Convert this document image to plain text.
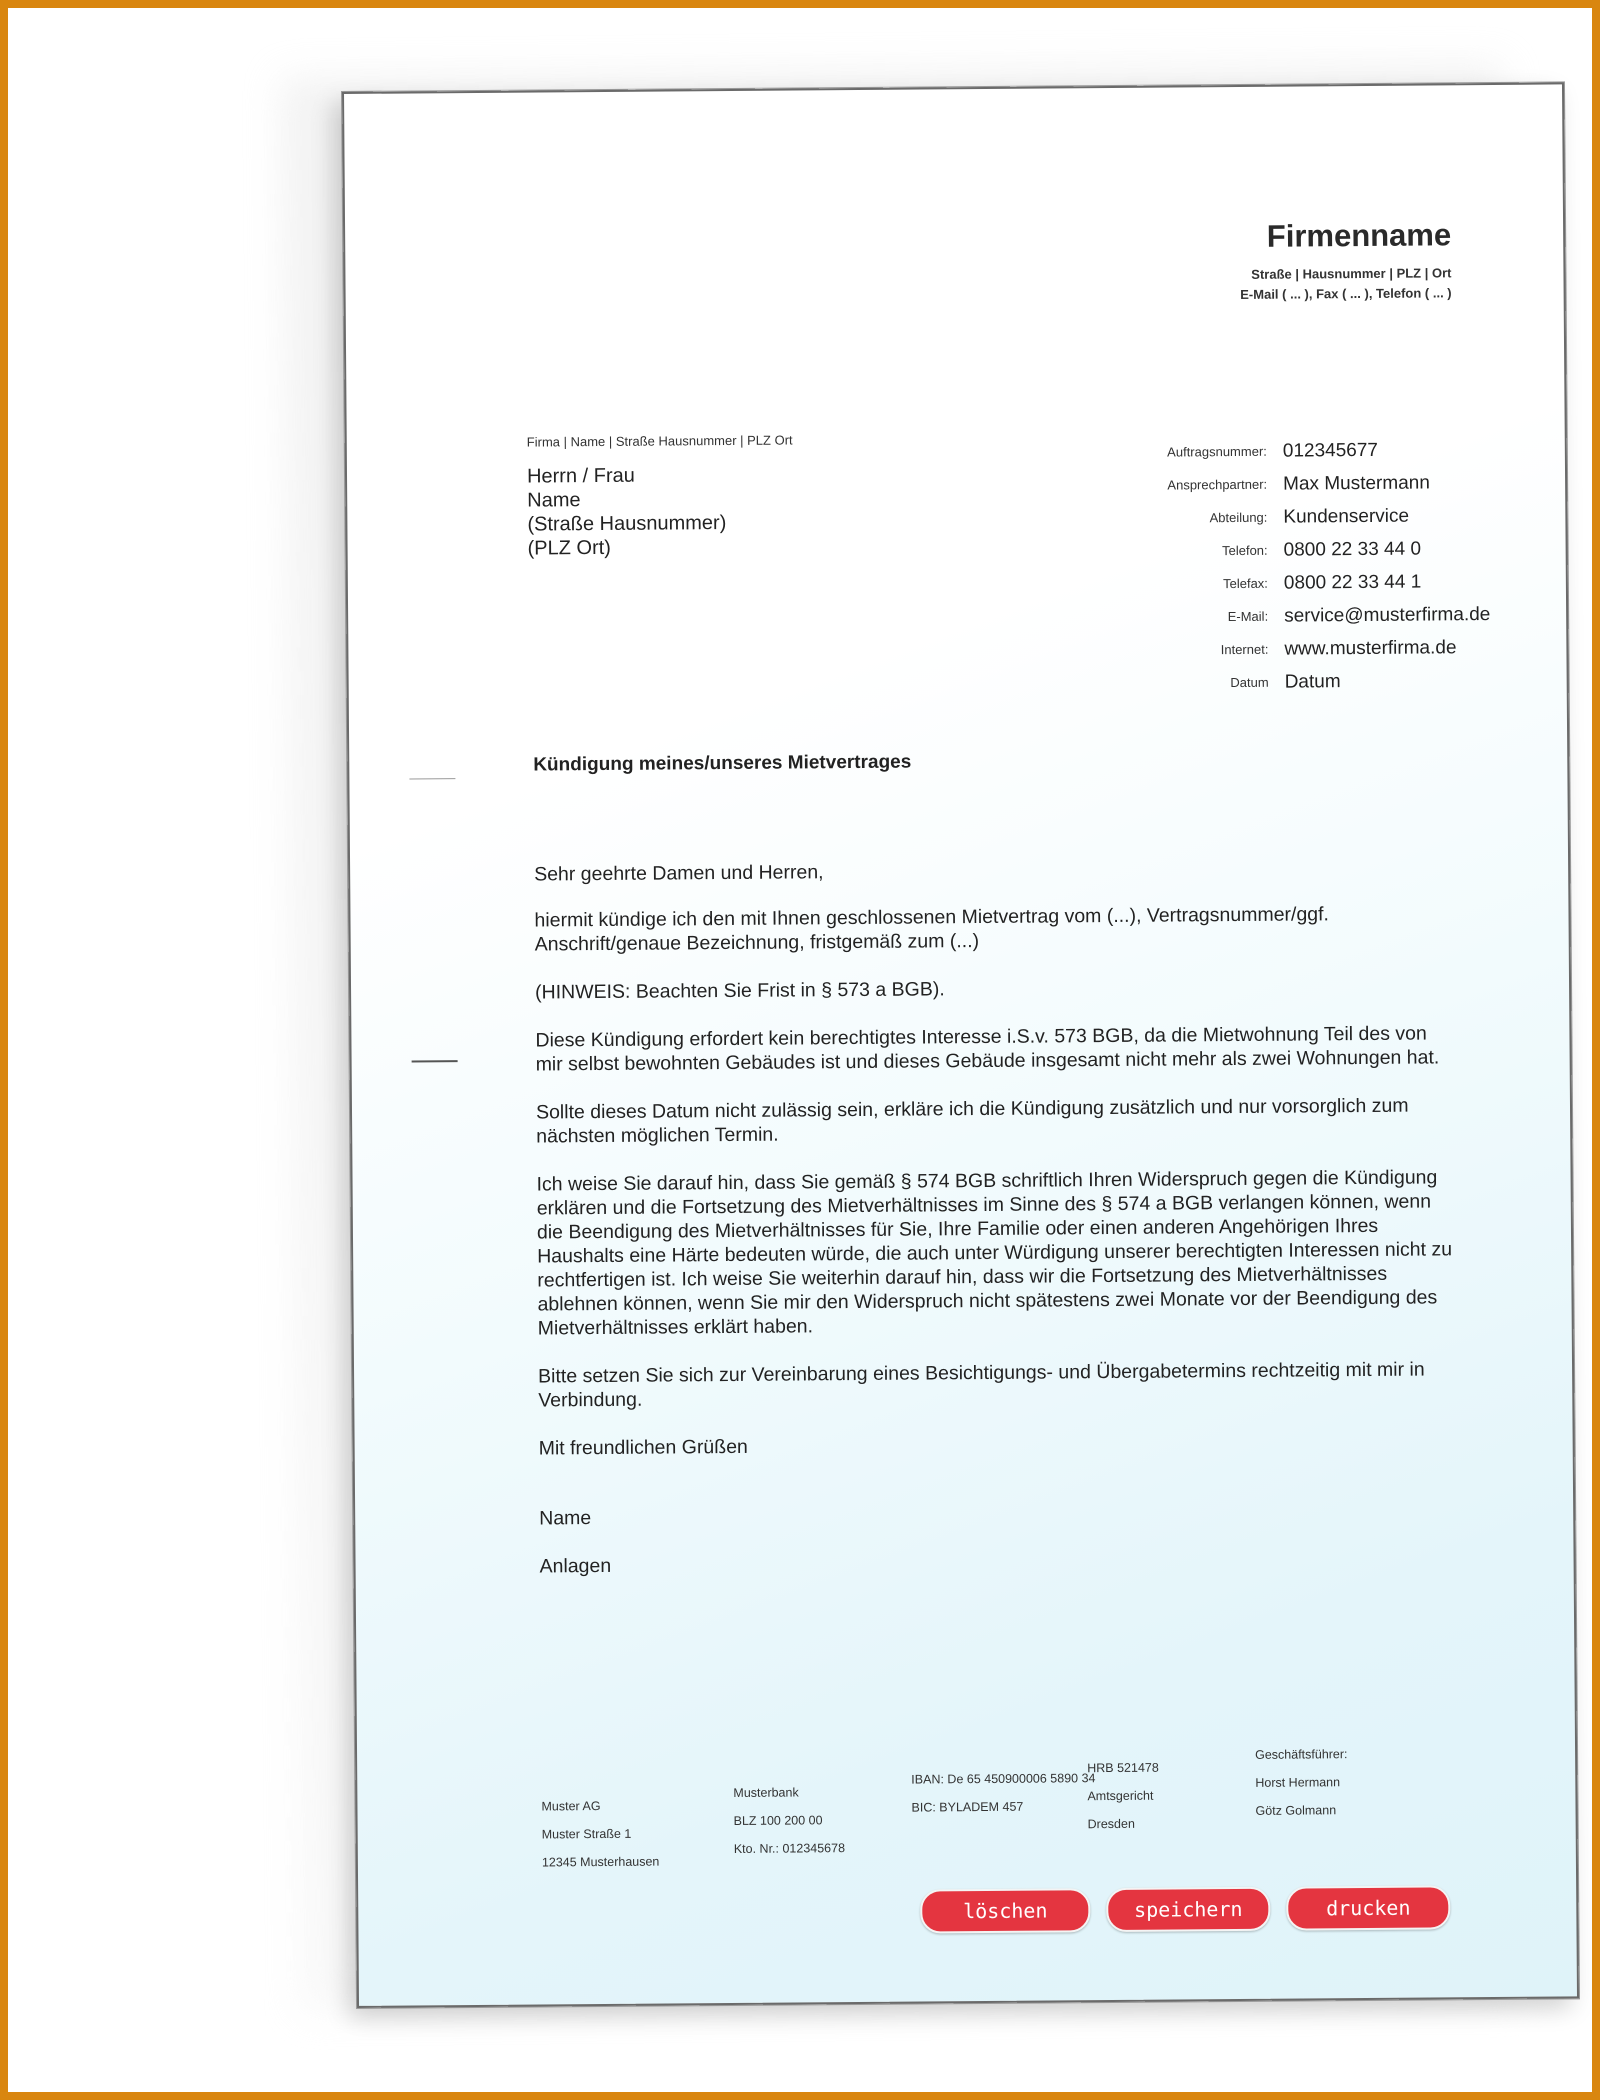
Firmenname
Straße | Hausnummer | PLZ | Ort
E-Mail ( ... ), Fax ( ... ), Telefon ( ... )
Firma | Name | Straße Hausnummer | PLZ Ort
Herrn / Frau
Name
(Straße Hausnummer)
(PLZ Ort)
Auftragsnummer:	012345677
Ansprechpartner:	Max Mustermann
Abteilung:	Kundenservice
Telefon:	0800 22 33 44 0
Telefax:	0800 22 33 44 1
E-Mail:	service@musterfirma.de
Internet:	www.musterfirma.de
Datum	Datum
Kündigung meines/unseres Mietvertrages

Sehr geehrte Damen und Herren,

hiermit kündige ich den mit Ihnen geschlossenen Mietvertrag vom (...), Vertragsnummer/ggf. Anschrift/genaue Bezeichnung, fristgemäß zum (...)

(HINWEIS: Beachten Sie Frist in § 573 a BGB).

Diese Kündigung erfordert kein berechtigtes Interesse i.S.v. 573 BGB, da die Mietwohnung Teil des von mir selbst bewohnten Gebäudes ist und dieses Gebäude insgesamt nicht mehr als zwei Wohnungen hat.

Sollte dieses Datum nicht zulässig sein, erkläre ich die Kündigung zusätzlich und nur vorsorglich zum nächsten möglichen Termin.

Ich weise Sie darauf hin, dass Sie gemäß § 574 BGB schriftlich Ihren Widerspruch gegen die Kündigung erklären und die Fortsetzung des Mietverhältnisses im Sinne des § 574 a BGB verlangen können, wenn die Beendigung des Mietverhältnisses für Sie, Ihre Familie oder einen anderen Angehörigen Ihres Haushalts eine Härte bedeuten würde, die auch unter Würdigung unserer berechtigten Interessen nicht zu rechtfertigen ist. Ich weise Sie weiterhin darauf hin, dass wir die Fortsetzung des Mietverhältnisses ablehnen können, wenn Sie mir den Widerspruch nicht spätestens zwei Monate vor der Beendigung des Mietverhältnisses erklärt haben.

Bitte setzen Sie sich zur Vereinbarung eines Besichtigungs- und Übergabetermins rechtzeitig mit mir in Verbindung.

Mit freundlichen Grüßen

Name

Anlagen

Muster AG
Muster Straße 1
12345 Musterhausen
Musterbank
BLZ 100 200 00
Kto. Nr.: 012345678
IBAN: De 65 450900006 5890 34
BIC: BYLADEM 457
HRB 521478
Amtsgericht
Dresden
Geschäftsführer:
Horst Hermann
Götz Golmann
löschen	speichern	drucken
